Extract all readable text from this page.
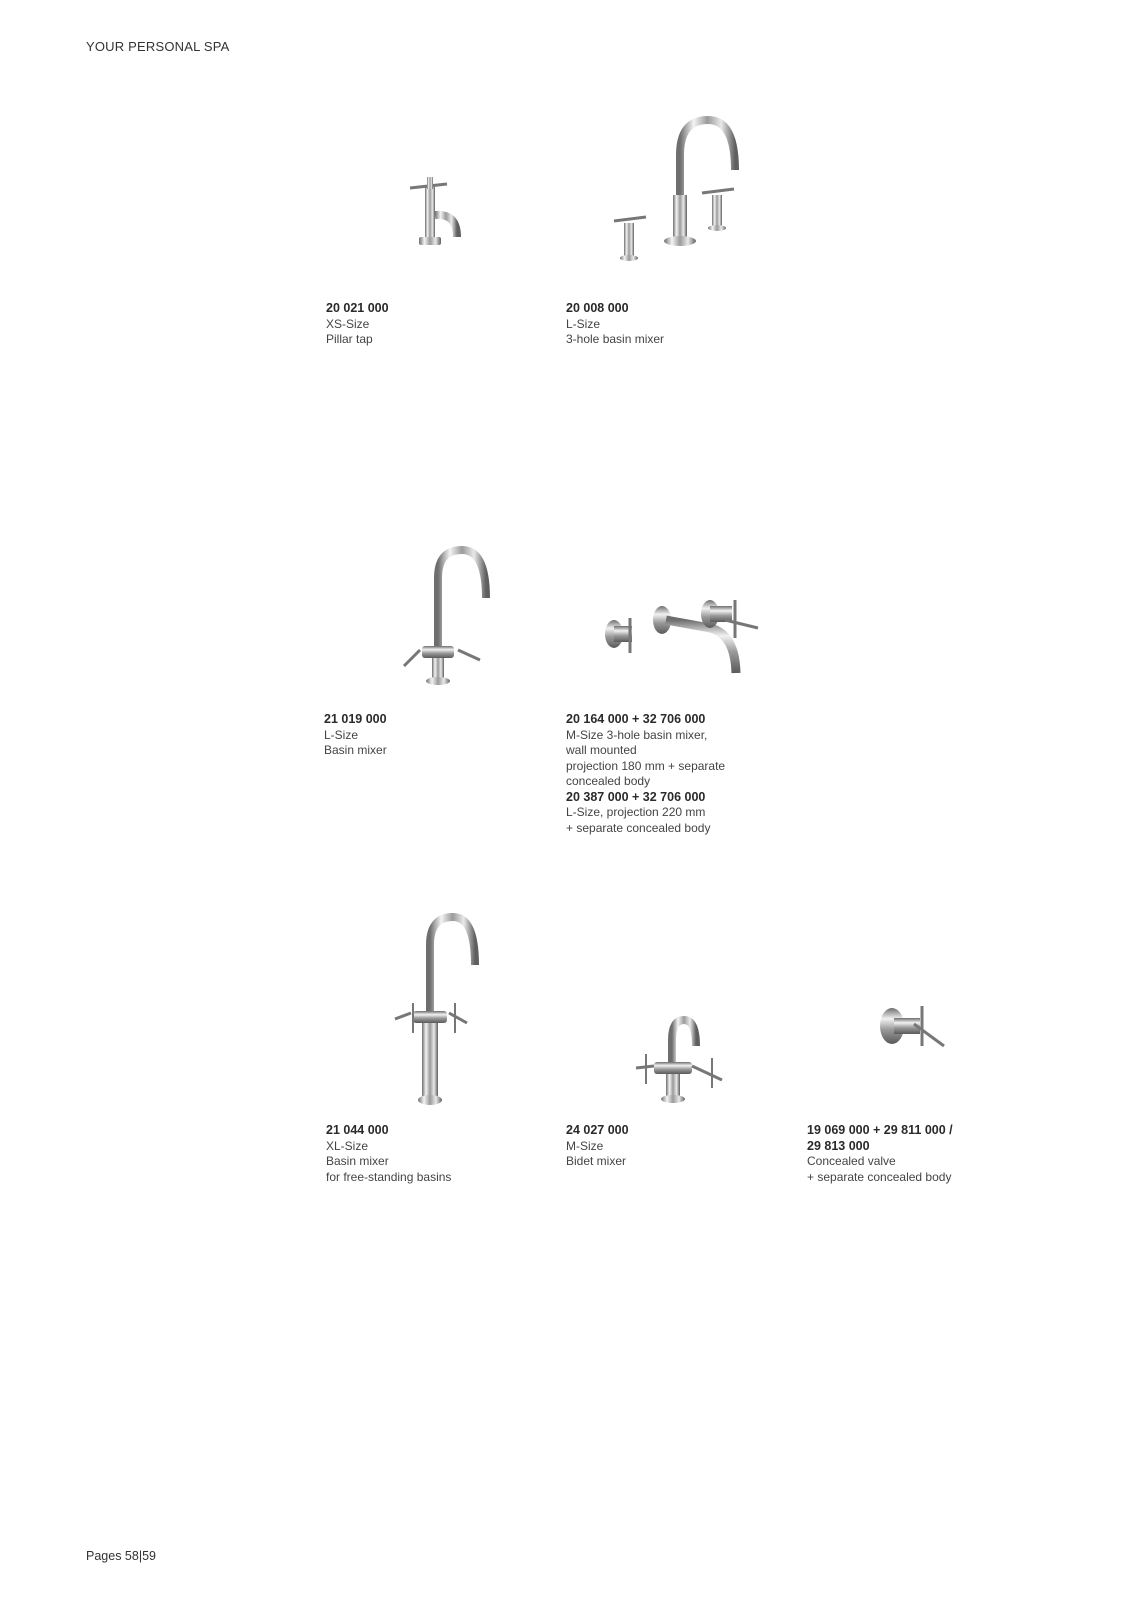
YOUR PERSONAL SPA
20 021 000
XS-Size
Pillar tap
20 008 000
L-Size
3-hole basin mixer
21 019 000
L-Size
Basin mixer
20 164 000 + 32 706 000
M-Size 3-hole basin mixer,
wall mounted
projection 180 mm + separate
concealed body
20 387 000 + 32 706 000
L-Size, projection 220 mm
+ separate concealed body
21 044 000
XL-Size
Basin mixer
for free-standing basins
24 027 000
M-Size
Bidet mixer
19 069 000 + 29 811 000 /
29 813 000
Concealed valve
+ separate concealed body
Pages 58|59
